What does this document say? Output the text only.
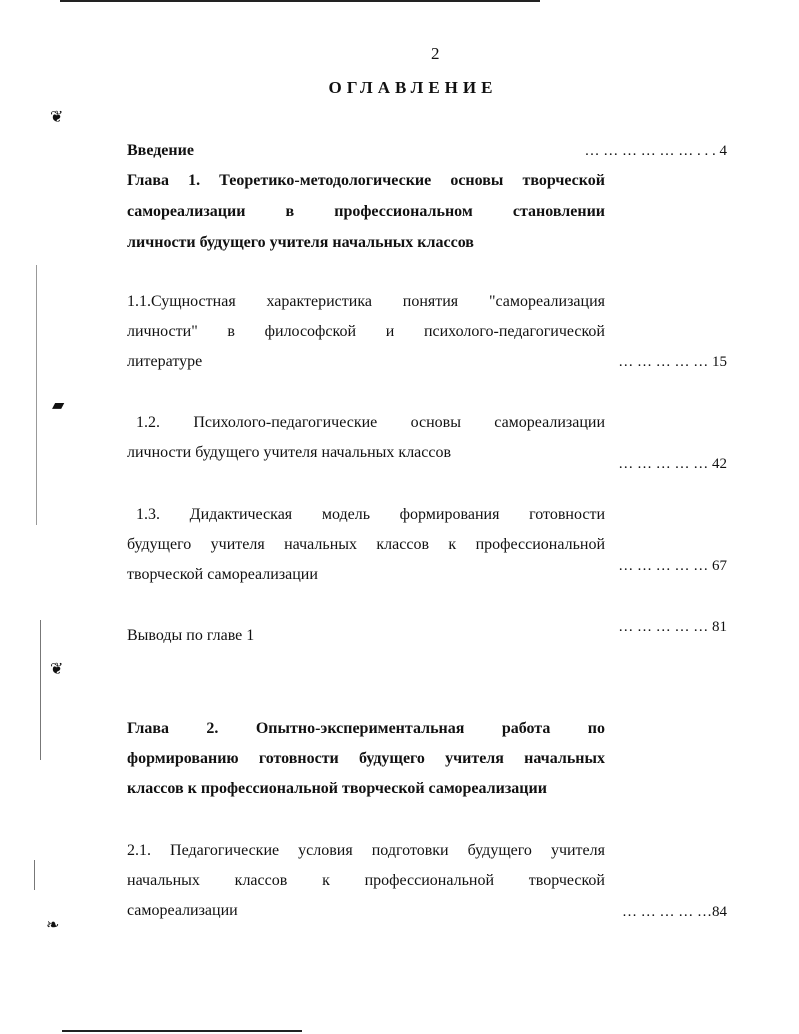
❦
▰
❦
❧
2
ОГЛАВЛЕНИЕ
Введение	… … … … … … . . . 4
Глава 1. Теоретико-методологические основы творческой
самореализации в профессиональном становлении
личности будущего учителя начальных классов
1.1.Сущностная характеристика понятия "самореализация
личности" в философской и психолого-педагогической
литературе	… … … … … 15
1.2. Психолого-педагогические основы самореализации
личности будущего учителя начальных классов
… … … … … 42
1.3. Дидактическая модель формирования готовности
будущего учителя начальных классов к профессиональной
творческой самореализации	… … … … … 67
Выводы по главе 1	… … … … … 81
Глава 2. Опытно-экспериментальная работа по
формированию готовности будущего учителя начальных
классов к профессиональной творческой самореализации
2.1. Педагогические условия подготовки будущего учителя
начальных классов к профессиональной творческой
самореализации	… … … … …84
